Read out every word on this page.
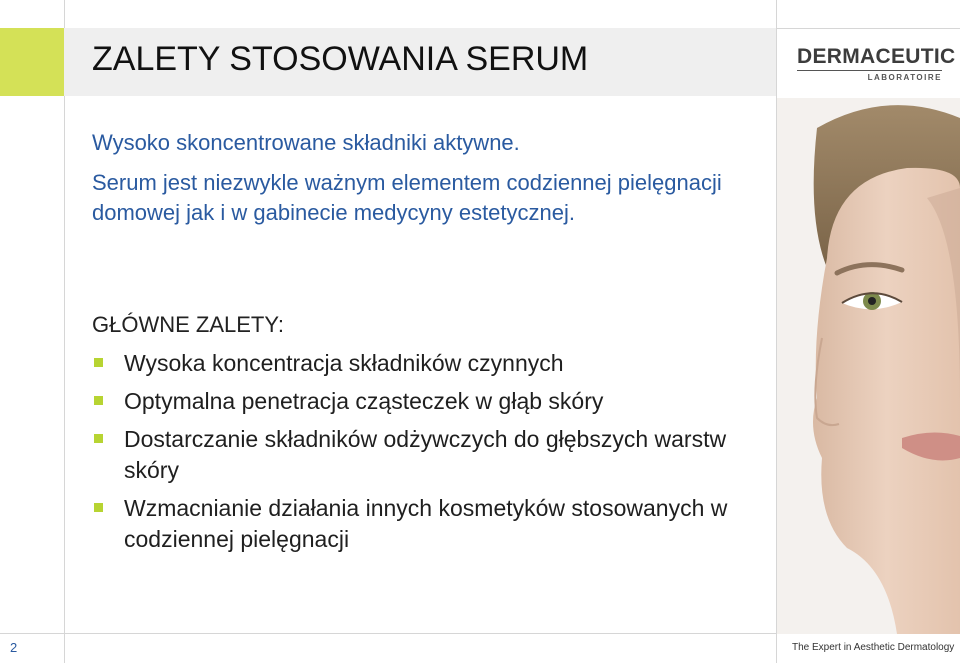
ZALETY STOSOWANIA SERUM	DERMACEUTIC
LABORATOIRE

Wysoko skoncentrowane składniki aktywne.

Serum jest niezwykle ważnym elementem codziennej pielęgnacji domowej jak i w gabinecie medycyny estetycznej.

GŁÓWNE ZALETY:
Wysoka koncentracja składników czynnych
Optymalna penetracja cząsteczek w głąb skóry
Dostarczanie składników odżywczych do głębszych warstw skóry
Wzmacnianie działania innych kosmetyków stosowanych w codziennej pielęgnacji
2	The Expert in Aesthetic Dermatology
